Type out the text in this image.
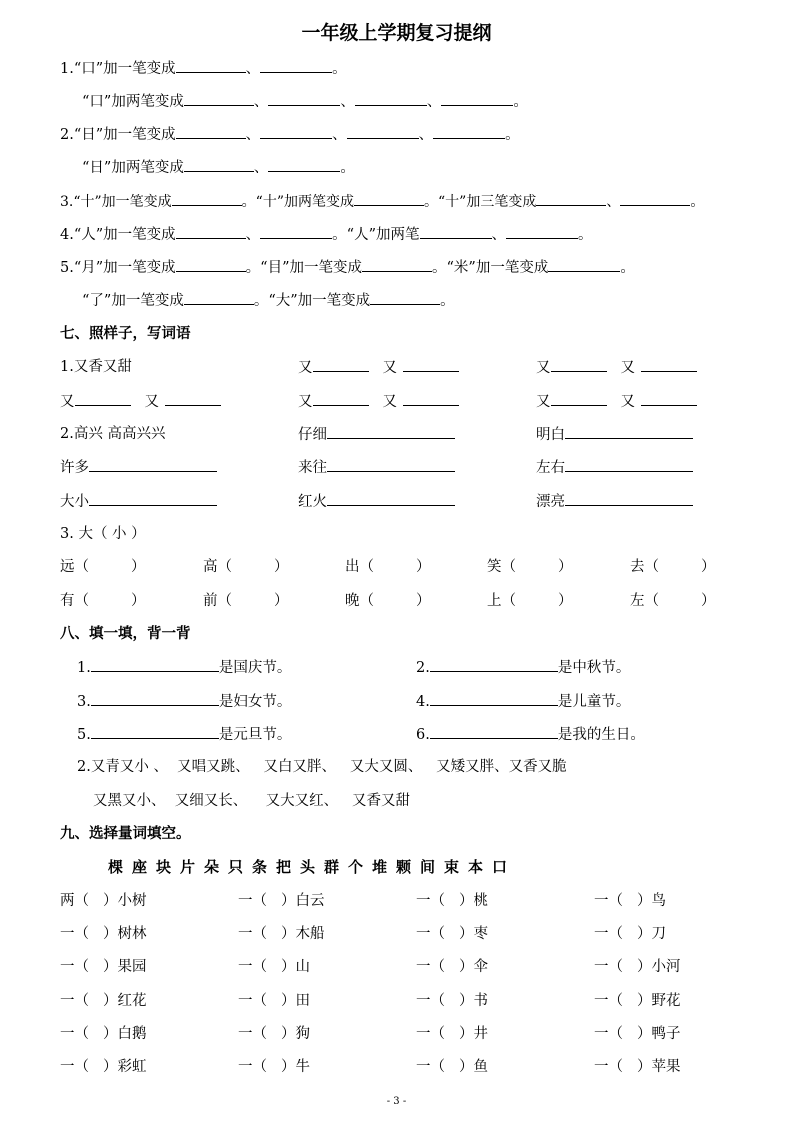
一年级上学期复习提纲
1.“口”加一笔变成	、	。
“口”加两笔变成	、	、	、	。
2.“日”加一笔变成	、	、	、	。
“日”加两笔变成	、	。
3.“十”加一笔变成	。“十”加两笔变成	。“十”加三笔变成	、	。
4.“人”加一笔变成	、	。“人”加两笔	、	。
5.“月”加一笔变成	。“目”加一笔变成	。“米”加一笔变成	。
“了”加一笔变成	。“大”加一笔变成	。
七、照样子，写词语
1.又香又甜	又	又	又	又
又	又	又	又	又	又
2.高兴 高高兴兴	仔细	明白
许多	来往	左右
大小	红火	漂亮
3. 大（ 小 ）
远（	）	高（	）	出（	）	笑（	）	去（	）
有（	）	前（	）	晚（	）	上（	）	左（	）
八、填一填，背一背
1.	是国庆节。	2.	是中秋节。
3.	是妇女节。	4.	是儿童节。
5.	是元旦节。	6.	是我的生日。
2.又青又小 、  又唱又跳、   又白又胖、   又大又圆、   又矮又胖、又香又脆
又黑又小、  又细又长、    又大又红、   又香又甜
九、选择量词填空。
棵座块片朵只条把头群个堆颗间束本口
两（ ）小树	一（ ）白云	一（ ）桃	一（ ）鸟
一（ ）树林	一（ ）木船	一（ ）枣	一（ ）刀
一（ ）果园	一（ ）山	一（ ）伞	一（ ）小河
一（ ）红花	一（ ）田	一（ ）书	一（ ）野花
一（ ）白鹅	一（ ）狗	一（ ）井	一（ ）鸭子
一（ ）彩虹	一（ ）牛	一（ ）鱼	一（ ）苹果
- 3 -
